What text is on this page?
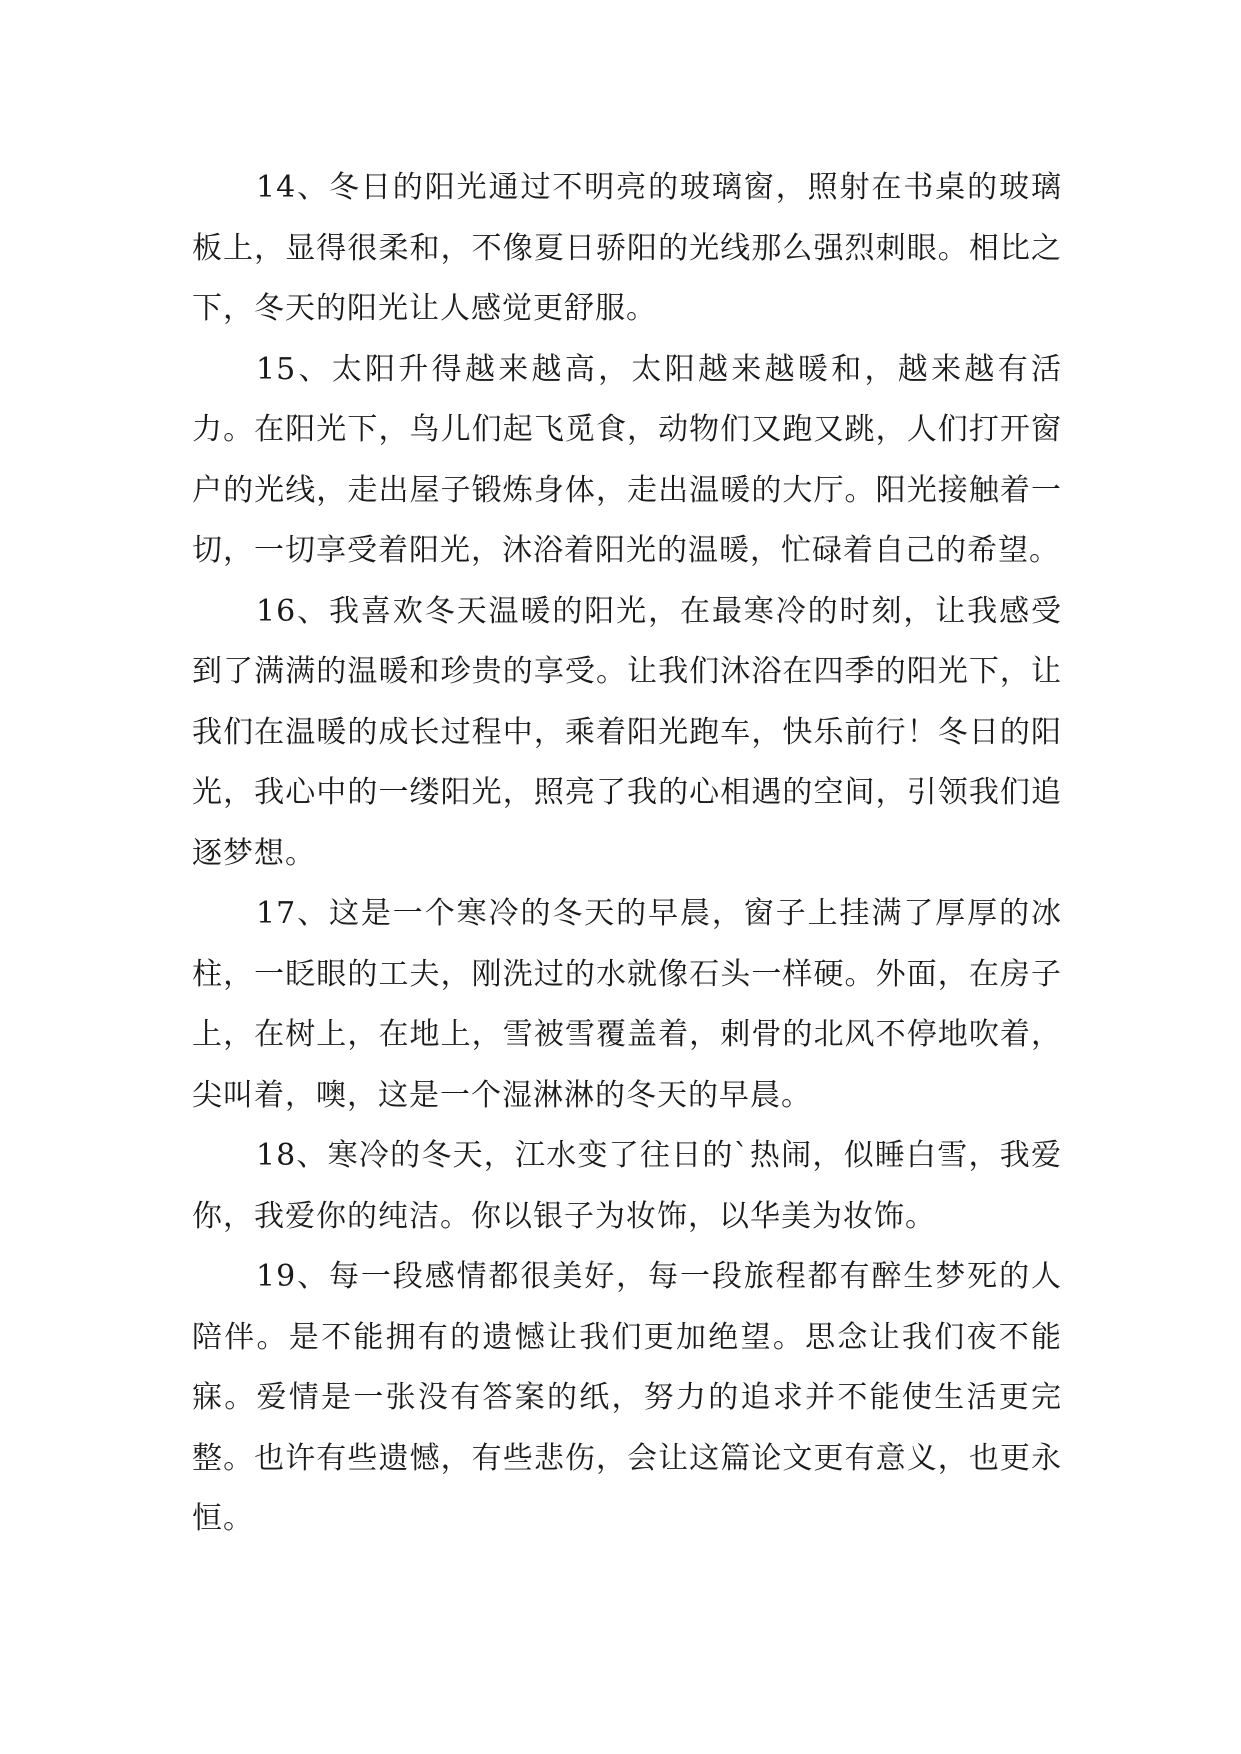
14、冬日的阳光通过不明亮的玻璃窗，照射在书桌的玻璃板上，显得很柔和，不像夏日骄阳的光线那么强烈刺眼。相比之下，冬天的阳光让人感觉更舒服。

15、太阳升得越来越高，太阳越来越暖和，越来越有活力。在阳光下，鸟儿们起飞觅食，动物们又跑又跳，人们打开窗户的光线，走出屋子锻炼身体，走出温暖的大厅。阳光接触着一切，一切享受着阳光，沐浴着阳光的温暖，忙碌着自己的希望。

16、我喜欢冬天温暖的阳光，在最寒冷的时刻，让我感受到了满满的温暖和珍贵的享受。让我们沐浴在四季的阳光下，让我们在温暖的成长过程中，乘着阳光跑车，快乐前行！冬日的阳光，我心中的一缕阳光，照亮了我的心相遇的空间，引领我们追逐梦想。

17、这是一个寒冷的冬天的早晨，窗子上挂满了厚厚的冰柱，一眨眼的工夫，刚洗过的水就像石头一样硬。外面，在房子上，在树上，在地上，雪被雪覆盖着，刺骨的北风不停地吹着，尖叫着，噢，这是一个湿淋淋的冬天的早晨。

18、寒冷的冬天，江水变了往日的`热闹，似睡白雪，我爱你，我爱你的纯洁。你以银子为妆饰，以华美为妆饰。

19、每一段感情都很美好，每一段旅程都有醉生梦死的人陪伴。是不能拥有的遗憾让我们更加绝望。思念让我们夜不能寐。爱情是一张没有答案的纸，努力的追求并不能使生活更完整。也许有些遗憾，有些悲伤，会让这篇论文更有意义，也更永恒。
